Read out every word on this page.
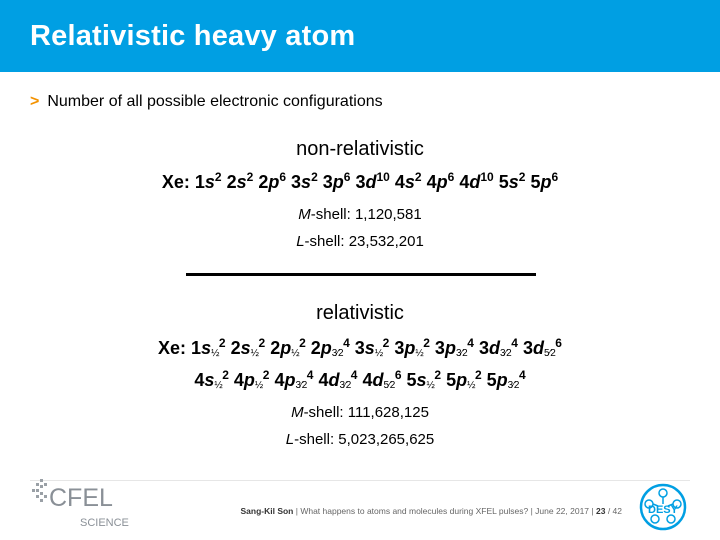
Relativistic heavy atom
> Number of all possible electronic configurations
non-relativistic
Xe: $1s^2$ $2s^2$ $2p^6$ $3s^2$ $3p^6$ $3d^{10}$ $4s^2$ $4p^6$ $4d^{10}$ $5s^2$ $5p^6$
M-shell: 1,120,581
L-shell: 23,532,201
relativistic
Xe: 1s½$^2$ 2s½$^2$ 2p½$^2$ $2p3⁄2^4$ 3s½$^2$ 3p½$^2$ $3p3⁄2^4$ $3d3⁄2^4$ $3d5⁄2^6$
4s½$^2$ 4p½$^2$ $4p3⁄2^4$ $4d3⁄2^4$ $4d5⁄2^6$ 5s½$^2$ 5p½$^2$ $5p3⁄2^4$
M-shell: 111,628,125
L-shell: 5,023,265,625
Sang-Kil Son | What happens to atoms and molecules during XFEL pulses? | June 22, 2017 | 23 / 42
CFEL
SCIENCE
DESY
